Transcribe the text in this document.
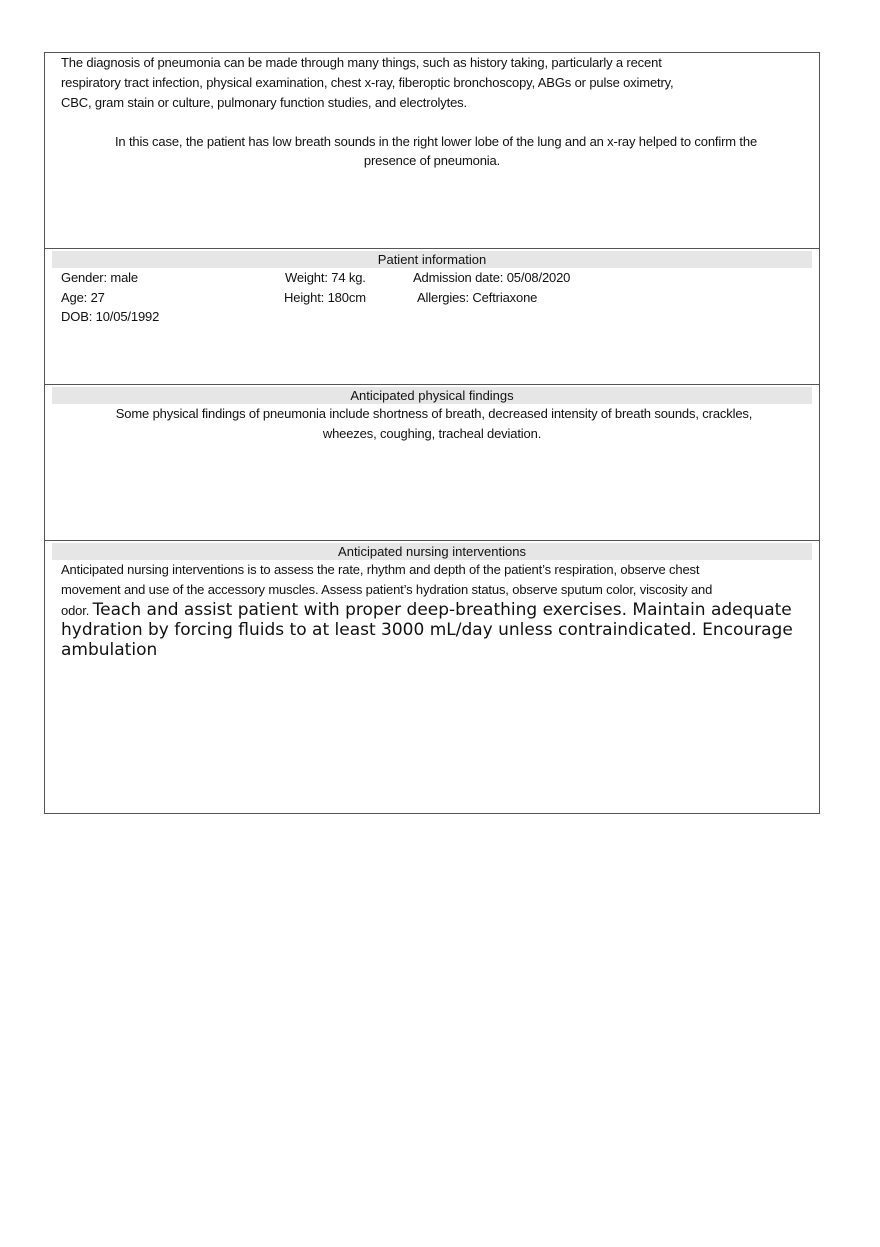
The diagnosis of pneumonia can be made through many things, such as history taking, particularly a recent
respiratory tract infection, physical examination, chest x-ray, fiberoptic bronchoscopy, ABGs or pulse oximetry,
CBC, gram stain or culture, pulmonary function studies, and electrolytes.
In this case, the patient has low breath sounds in the right lower lobe of the lung and an x-ray helped to confirm the
presence of pneumonia.
Patient information
Gender: male
Age: 27
DOB: 10/05/1992
Weight: 74 kg.
Height: 180cm
Admission date: 05/08/2020
Allergies: Ceftriaxone
Anticipated physical findings
Some physical findings of pneumonia include shortness of breath, decreased intensity of breath sounds, crackles,
wheezes, coughing, tracheal deviation.
Anticipated nursing interventions
Anticipated nursing interventions is to assess the rate, rhythm and depth of the patient’s respiration, observe chest
movement and use of the accessory muscles. Assess patient’s hydration status, observe sputum color, viscosity and
odor. Teach and assist patient with proper deep-breathing exercises. Maintain adequate
hydration by forcing fluids to at least 3000 mL/day unless contraindicated. Encourage
ambulation
